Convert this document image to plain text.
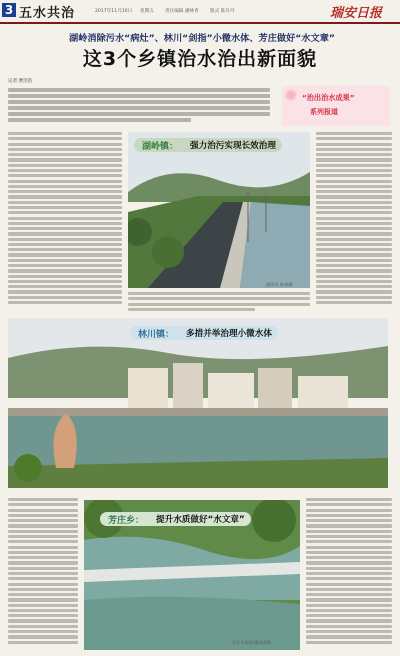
3 五水共治	2017年11月10日 星期五 责任编辑 潘林青 版式 陈丹丹	瑞安日报
湖岭消除污水“病灶”、林川“剑指”小微水体、芳庄做好“水文章”
这3个乡镇治水治出新面貌
记者 曹浩浩
“治出治水成果”
系列报道
湖岭镇：	强力治污实现长效治理
通讯员 陈林摄
林川镇：	多措并举治理小微水体
芳庄乡：	提升水质做好“水文章”
芳庄乡提供/潘林青摄
